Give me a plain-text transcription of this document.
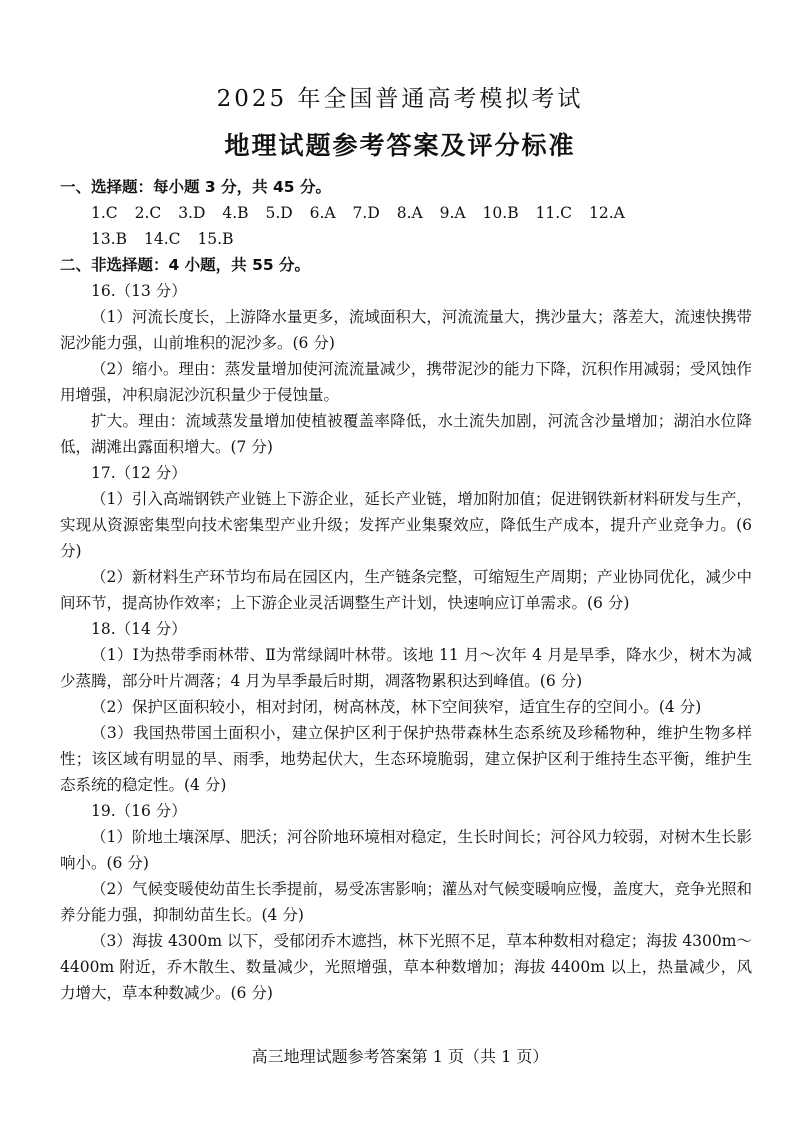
2025 年全国普通高考模拟考试
地理试题参考答案及评分标准

一、选择题：每小题 3 分，共 45 分。

1.C 2.C 3.D 4.B 5.D 6.A 7.D 8.A 9.A 10.B 11.C 12.A

13.B 14.C 15.B

二、非选择题：4 小题，共 55 分。

16.（13 分）

（1）河流长度长，上游降水量更多，流域面积大，河流流量大，携沙量大；落差大，流速快携带泥沙能力强，山前堆积的泥沙多。(6 分)

（2）缩小。理由：蒸发量增加使河流流量减少，携带泥沙的能力下降，沉积作用减弱；受风蚀作用增强，冲积扇泥沙沉积量少于侵蚀量。

扩大。理由：流域蒸发量增加使植被覆盖率降低，水土流失加剧，河流含沙量增加；湖泊水位降低，湖滩出露面积增大。(7 分)

17.（12 分）

（1）引入高端钢铁产业链上下游企业，延长产业链，增加附加值；促进钢铁新材料研发与生产，实现从资源密集型向技术密集型产业升级；发挥产业集聚效应，降低生产成本，提升产业竞争力。(6 分)

（2）新材料生产环节均布局在园区内，生产链条完整，可缩短生产周期；产业协同优化，减少中间环节，提高协作效率；上下游企业灵活调整生产计划，快速响应订单需求。(6 分)

18.（14 分）

（1）Ⅰ为热带季雨林带、Ⅱ为常绿阔叶林带。该地 11 月～次年 4 月是旱季，降水少，树木为减少蒸腾，部分叶片凋落；4 月为旱季最后时期，凋落物累积达到峰值。(6 分)

（2）保护区面积较小，相对封闭，树高林茂，林下空间狭窄，适宜生存的空间小。(4 分)

（3）我国热带国土面积小，建立保护区利于保护热带森林生态系统及珍稀物种，维护生物多样性；该区域有明显的旱、雨季，地势起伏大，生态环境脆弱，建立保护区利于维持生态平衡，维护生态系统的稳定性。(4 分)

19.（16 分）

（1）阶地土壤深厚、肥沃；河谷阶地环境相对稳定，生长时间长；河谷风力较弱，对树木生长影响小。(6 分)

（2）气候变暖使幼苗生长季提前，易受冻害影响；灌丛对气候变暖响应慢，盖度大，竞争光照和养分能力强，抑制幼苗生长。(4 分)

（3）海拔 4300m 以下，受郁闭乔木遮挡，林下光照不足，草本种数相对稳定；海拔 4300m～4400m 附近，乔木散生、数量减少，光照增强，草本种数增加；海拔 4400m 以上，热量减少，风力增大，草本种数减少。(6 分)

高三地理试题参考答案第 1 页（共 1 页）
